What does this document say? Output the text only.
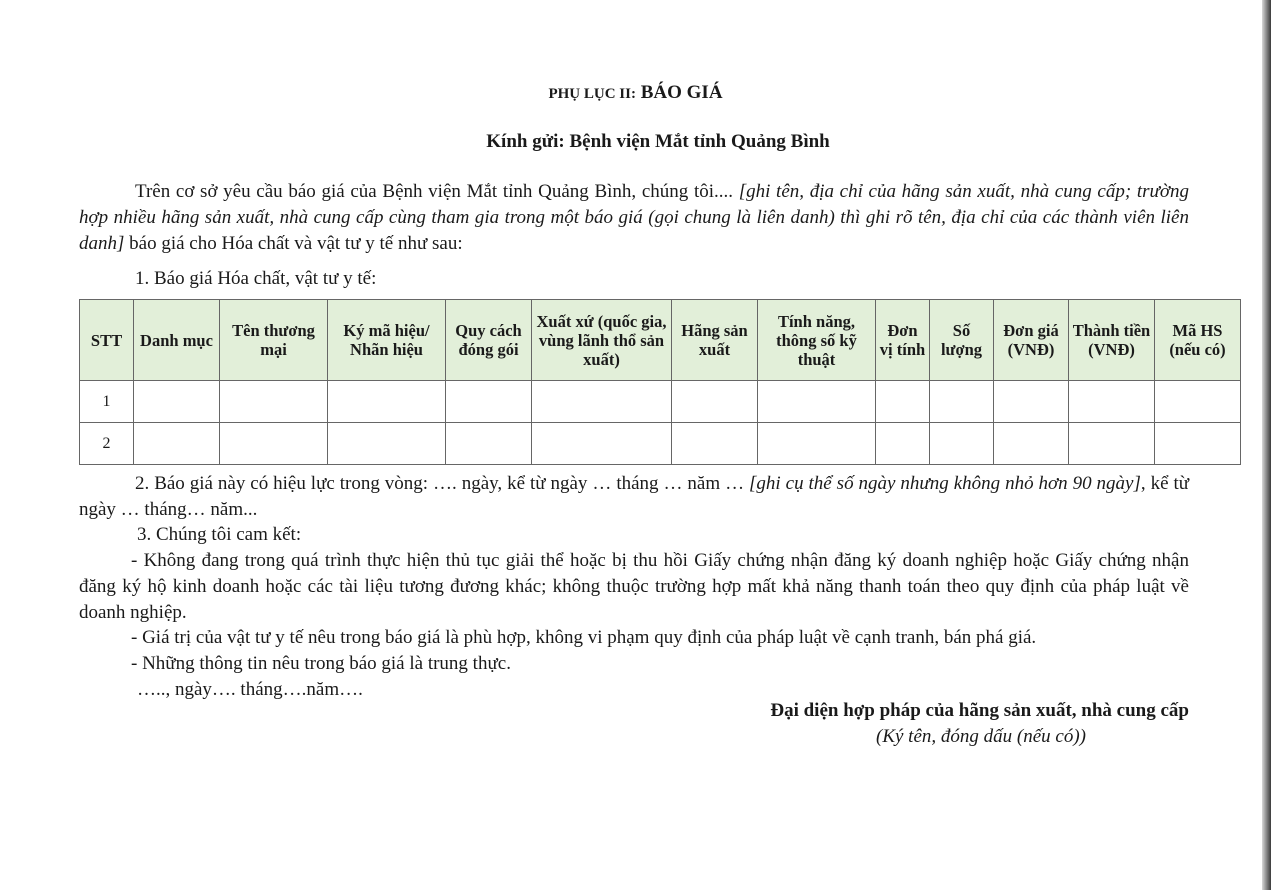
PHỤ LỤC II: BÁO GIÁ
Kính gửi: Bệnh viện Mắt tỉnh Quảng Bình
Trên cơ sở yêu cầu báo giá của Bệnh viện Mắt tỉnh Quảng Bình, chúng tôi.... [ghi tên, địa chỉ của hãng sản xuất, nhà cung cấp; trường hợp nhiều hãng sản xuất, nhà cung cấp cùng tham gia trong một báo giá (gọi chung là liên danh) thì ghi rõ tên, địa chỉ của các thành viên liên danh] báo giá cho Hóa chất và vật tư y tế như sau:
1. Báo giá Hóa chất, vật tư y tế:
STT	Danh mục	Tên thương mại	Ký mã hiệu/ Nhãn hiệu	Quy cách đóng gói	Xuất xứ (quốc gia, vùng lãnh thổ sản xuất)	Hãng sản xuất	Tính năng, thông số kỹ thuật	Đơn vị tính	Số lượng	Đơn giá (VNĐ)	Thành tiền (VNĐ)	Mã HS (nếu có)
1												
2												
2. Báo giá này có hiệu lực trong vòng: …. ngày, kể từ ngày … tháng … năm … [ghi cụ thể số ngày nhưng không nhỏ hơn 90 ngày], kể từ ngày … tháng… năm...
3. Chúng tôi cam kết:
- Không đang trong quá trình thực hiện thủ tục giải thể hoặc bị thu hồi Giấy chứng nhận đăng ký doanh nghiệp hoặc Giấy chứng nhận đăng ký hộ kinh doanh hoặc các tài liệu tương đương khác; không thuộc trường hợp mất khả năng thanh toán theo quy định của pháp luật về doanh nghiệp.
- Giá trị của vật tư y tế nêu trong báo giá là phù hợp, không vi phạm quy định của pháp luật về cạnh tranh, bán phá giá.
- Những thông tin nêu trong báo giá là trung thực.
….., ngày…. tháng….năm….
Đại diện hợp pháp của hãng sản xuất, nhà cung cấp
(Ký tên, đóng dấu (nếu có))
